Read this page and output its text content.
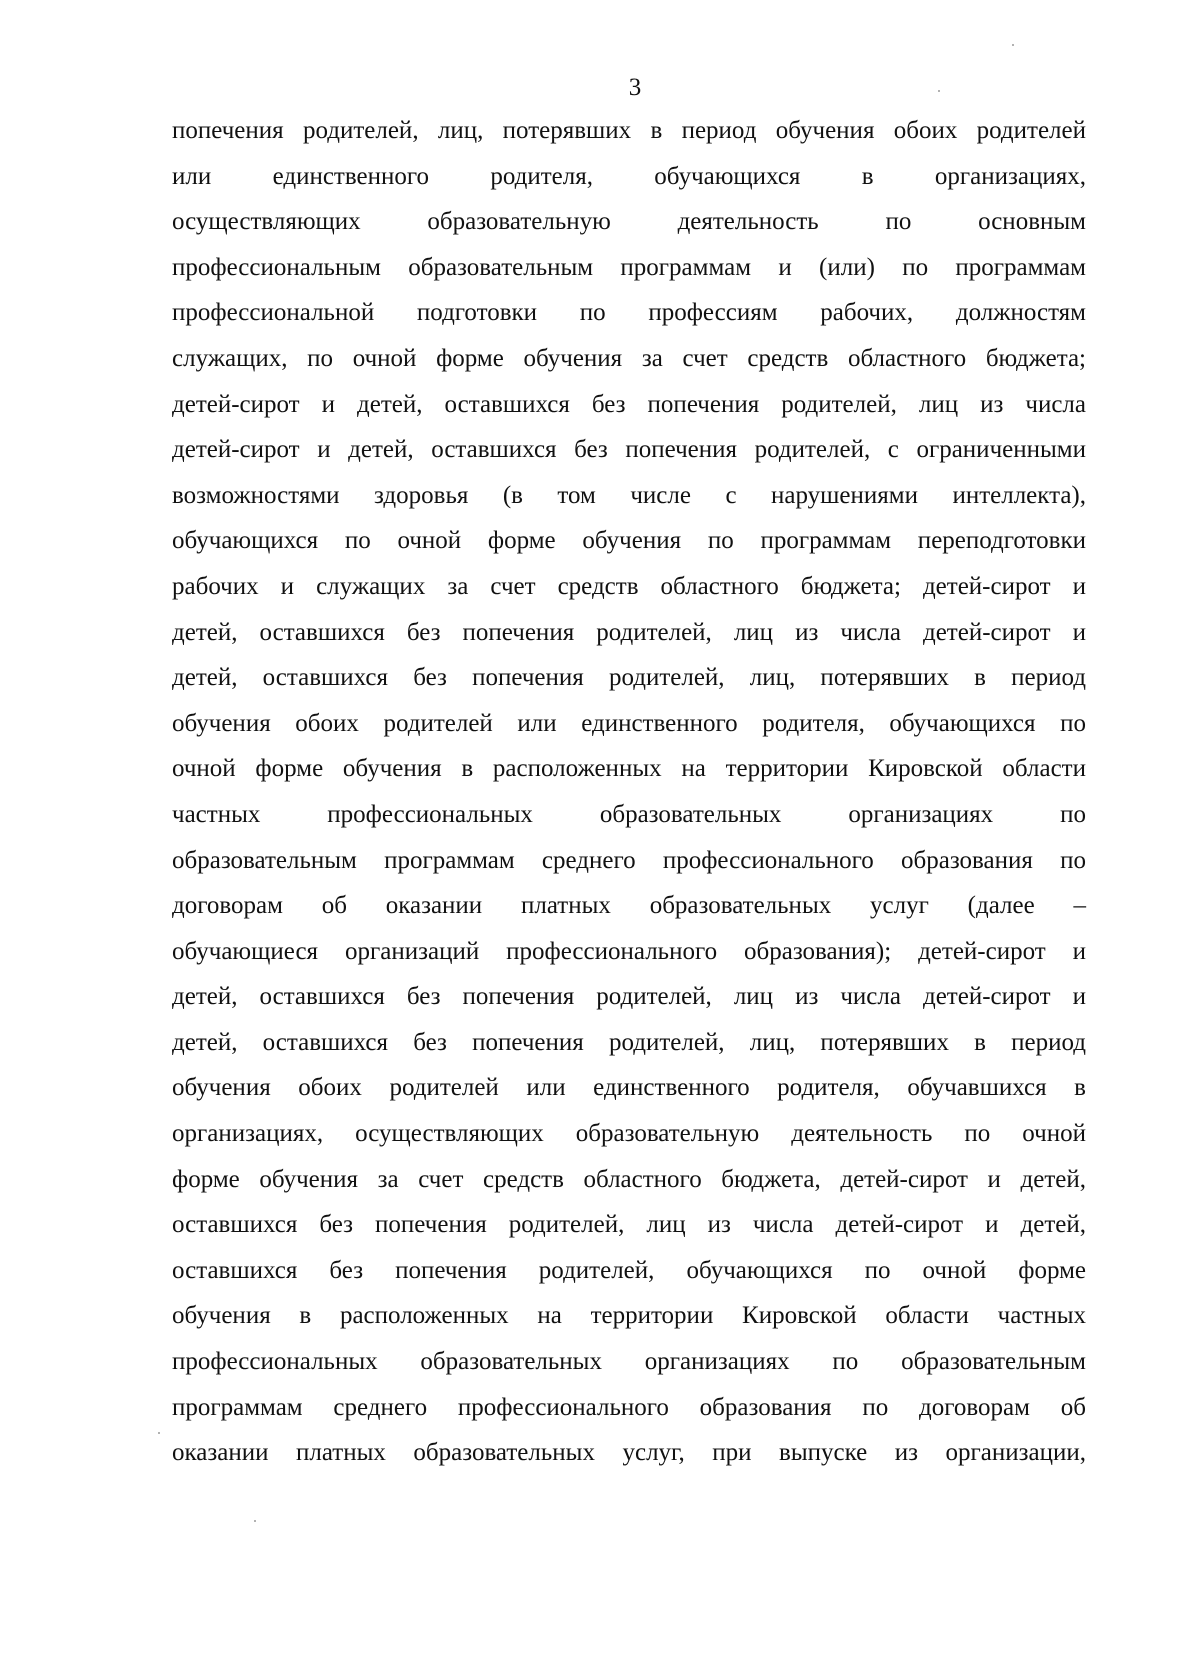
3
попечения родителей, лиц, потерявших в период обучения обоих родителей
или единственного родителя, обучающихся в организациях,
осуществляющих образовательную деятельность по основным
профессиональным образовательным программам и (или) по программам
профессиональной подготовки по профессиям рабочих, должностям
служащих, по очной форме обучения за счет средств областного бюджета;
детей-сирот и детей, оставшихся без попечения родителей, лиц из числа
детей-сирот и детей, оставшихся без попечения родителей, с ограниченными
возможностями здоровья (в том числе с нарушениями интеллекта),
обучающихся по очной форме обучения по программам переподготовки
рабочих и служащих за счет средств областного бюджета; детей-сирот и
детей, оставшихся без попечения родителей, лиц из числа детей-сирот и
детей, оставшихся без попечения родителей, лиц, потерявших в период
обучения обоих родителей или единственного родителя, обучающихся по
очной форме обучения в расположенных на территории Кировской области
частных профессиональных образовательных организациях по
образовательным программам среднего профессионального образования по
договорам об оказании платных образовательных услуг (далее –
обучающиеся организаций профессионального образования); детей-сирот и
детей, оставшихся без попечения родителей, лиц из числа детей-сирот и
детей, оставшихся без попечения родителей, лиц, потерявших в период
обучения обоих родителей или единственного родителя, обучавшихся в
организациях, осуществляющих образовательную деятельность по очной
форме обучения за счет средств областного бюджета, детей-сирот и детей,
оставшихся без попечения родителей, лиц из числа детей-сирот и детей,
оставшихся без попечения родителей, обучающихся по очной форме
обучения в расположенных на территории Кировской области частных
профессиональных образовательных организациях по образовательным
программам среднего профессионального образования по договорам об
оказании платных образовательных услуг, при выпуске из организации,
